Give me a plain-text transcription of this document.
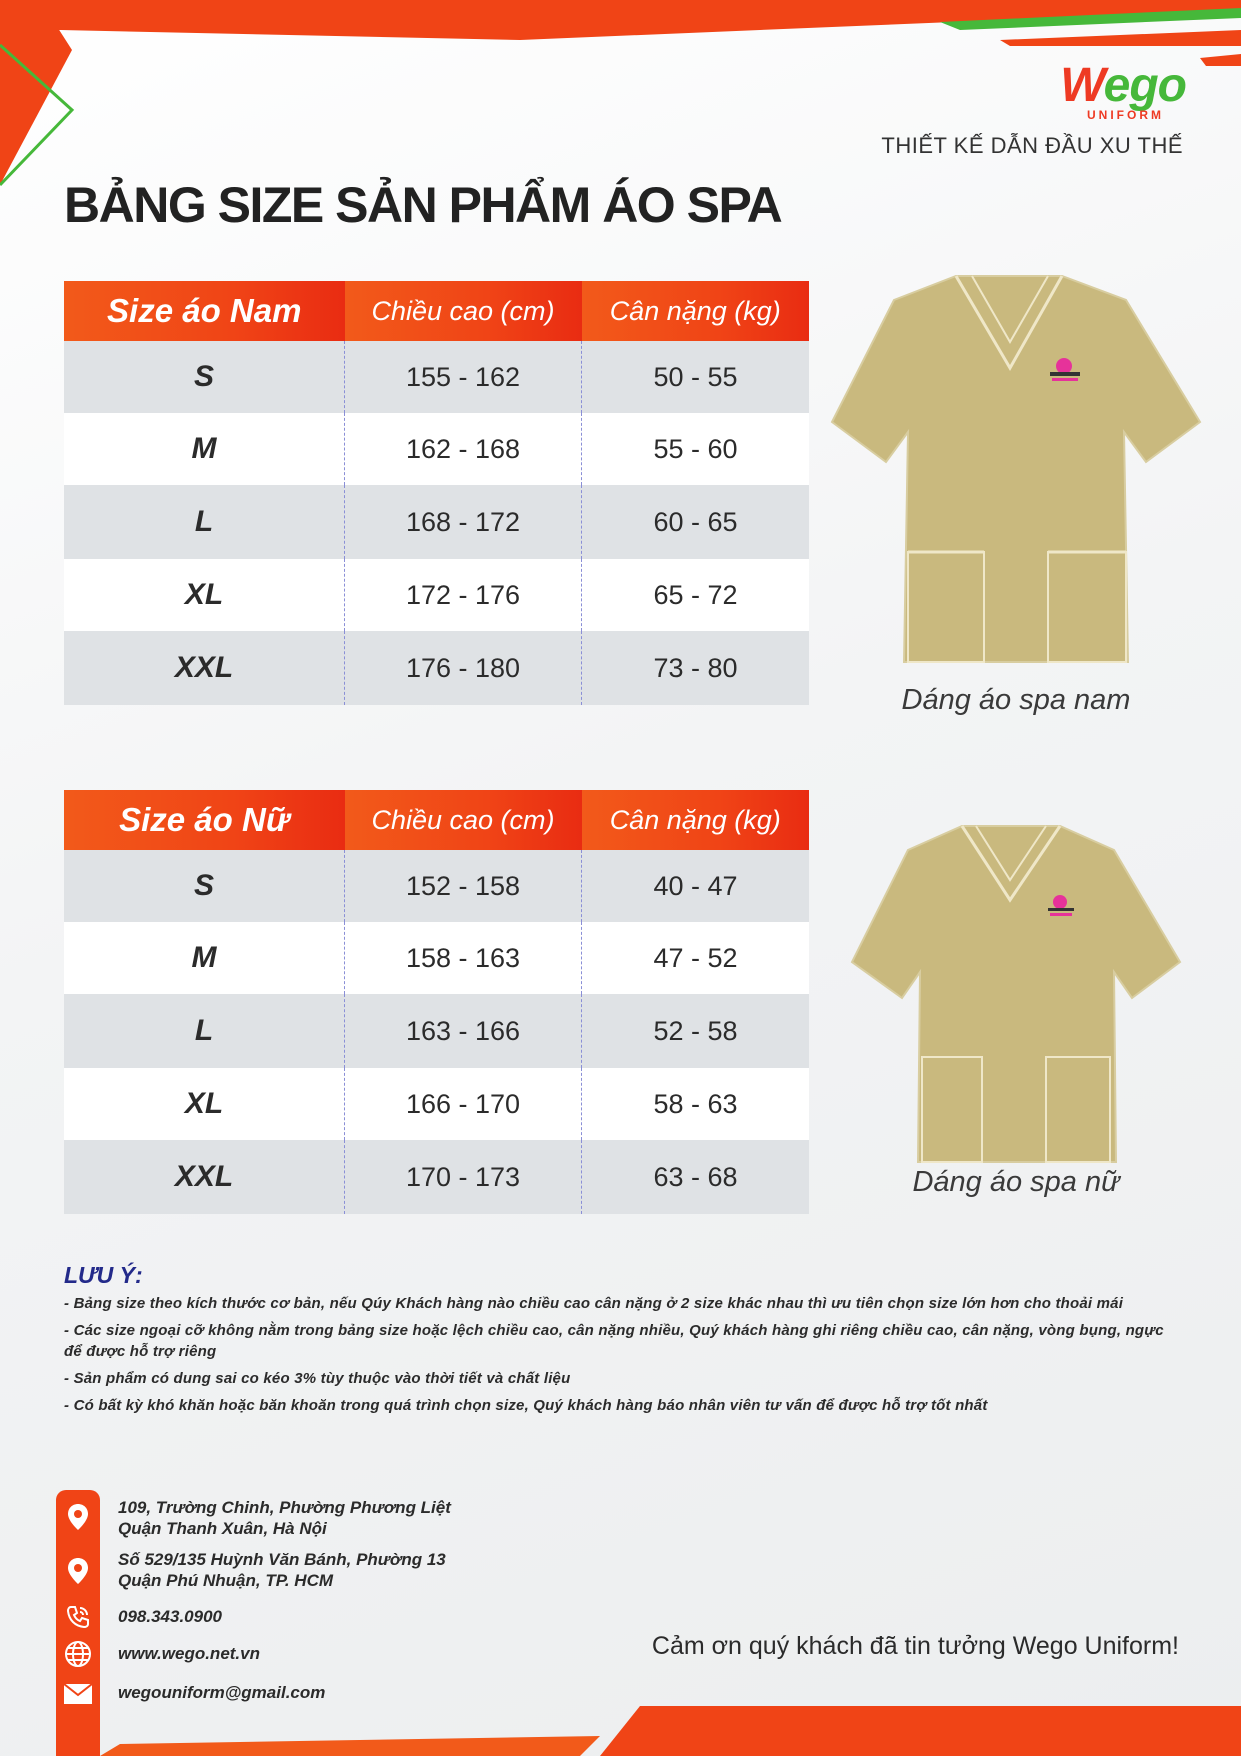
Wego
UNIFORM
THIẾT KẾ DẪN ĐẦU XU THẾ
BẢNG SIZE SẢN PHẨM ÁO SPA
Size áo Nam	Chiều cao (cm)	Cân nặng (kg)
S	155 - 162	50 - 55
M	162 - 168	55 - 60
L	168 - 172	60 - 65
XL	172 - 176	65 - 72
XXL	176 - 180	73 - 80
Size áo Nữ	Chiều cao (cm)	Cân nặng (kg)
S	152 - 158	40 - 47
M	158 - 163	47 - 52
L	163 - 166	52 - 58
XL	166 - 170	58 - 63
XXL	170 - 173	63 - 68
Dáng áo spa nam
Dáng áo spa nữ
LƯU Ý:
- Bảng size theo kích thước cơ bản, nếu Qúy Khách hàng nào chiều cao cân nặng ở 2 size khác nhau thì ưu tiên chọn size lớn hơn cho thoải mái
- Các size ngoại cỡ không nằm trong bảng size hoặc lệch chiều cao, cân nặng nhiều, Quý khách hàng ghi riêng chiều cao, cân nặng, vòng bụng, ngực để được hỗ trợ riêng
- Sản phẩm có dung sai co kéo 3% tùy thuộc vào thời tiết và chất liệu
- Có bất kỳ khó khăn hoặc băn khoăn trong quá trình chọn size, Quý khách hàng báo nhân viên tư vấn để được hỗ trợ tốt nhất
109, Trường Chinh, Phường Phương Liệt
Quận Thanh Xuân, Hà Nội
Số 529/135 Huỳnh Văn Bánh, Phường 13
Quận Phú Nhuận, TP. HCM
098.343.0900
www.wego.net.vn
wegouniform@gmail.com
Cảm ơn quý khách đã tin tưởng Wego Uniform!
